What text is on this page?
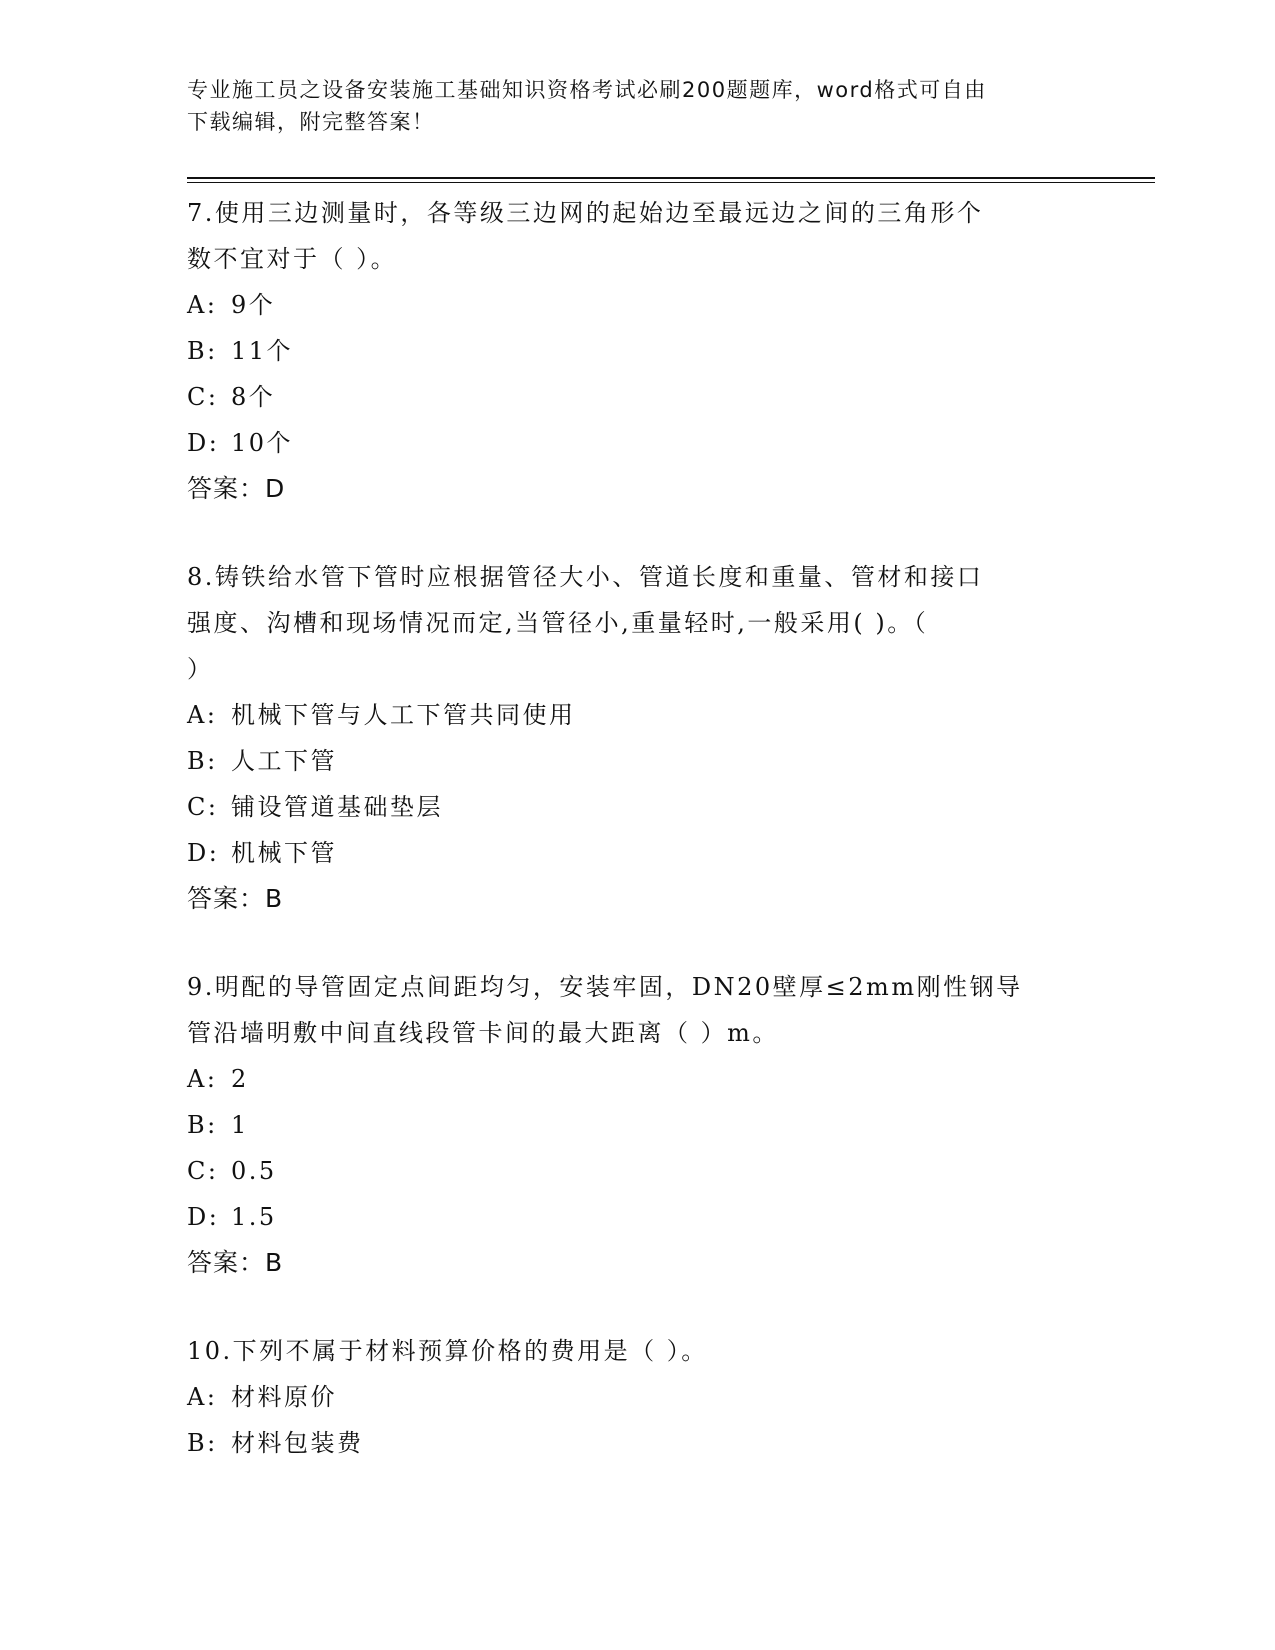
专业施工员之设备安装施工基础知识资格考试必刷200题题库，word格式可自由
下载编辑，附完整答案！
7.使用三边测量时，各等级三边网的起始边至最远边之间的三角形个
数不宜对于（ ）。
A: 9个
B: 11个
C: 8个
D: 10个
答案：D
8.铸铁给水管下管时应根据管径大小、管道长度和重量、管材和接口
强度、沟槽和现场情况而定,当管径小,重量轻时,一般采用( )。（
）
A: 机械下管与人工下管共同使用
B: 人工下管
C: 铺设管道基础垫层
D: 机械下管
答案：B
9.明配的导管固定点间距均匀，安装牢固，DN20壁厚≤2mm刚性钢导
管沿墙明敷中间直线段管卡间的最大距离（ ）m。
A: 2
B: 1
C: 0.5
D: 1.5
答案：B
10.下列不属于材料预算价格的费用是（ ）。
A: 材料原价
B: 材料包装费
